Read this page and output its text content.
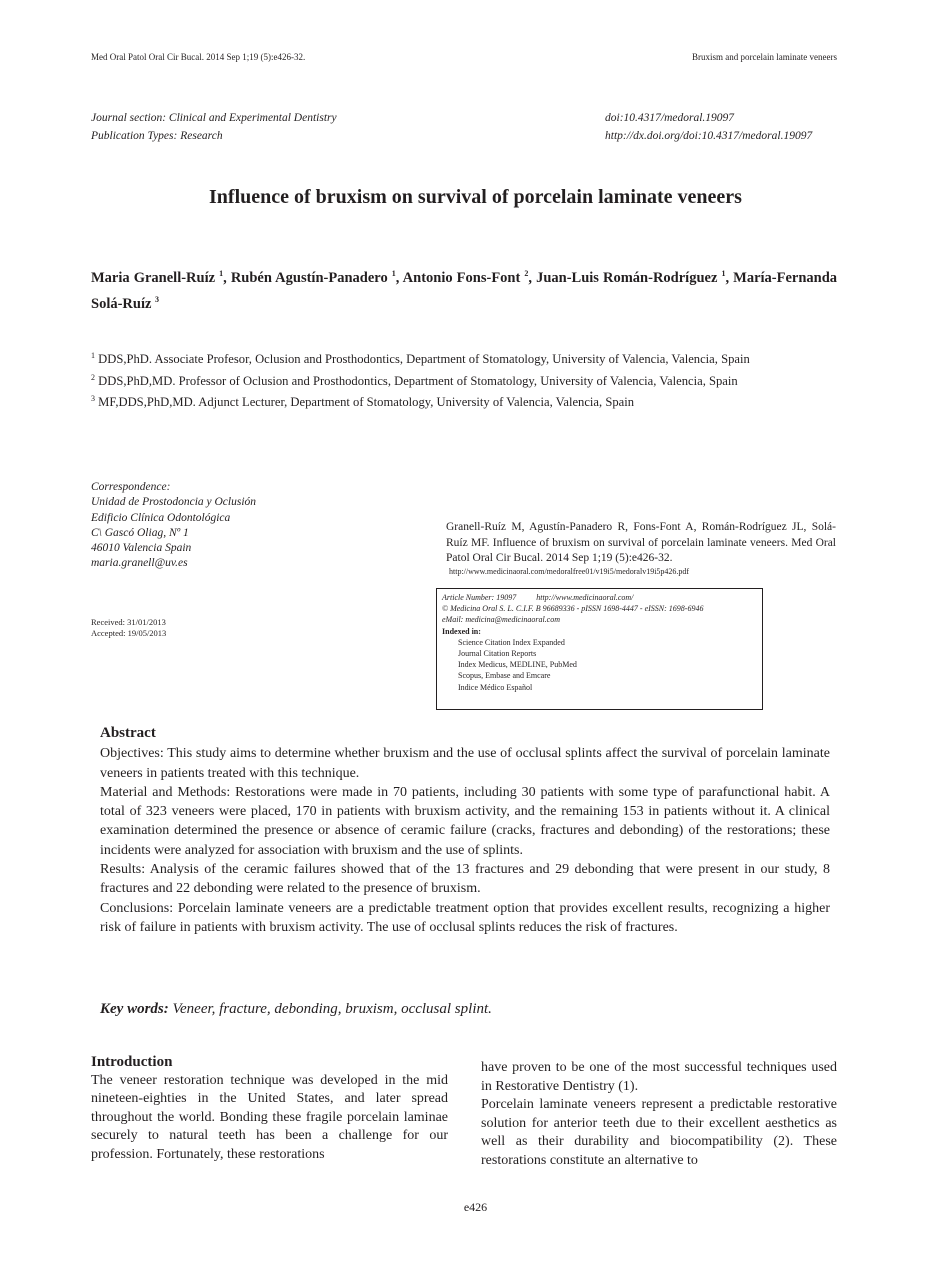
Med Oral Patol Oral Cir Bucal. 2014 Sep 1;19 (5):e426-32.	Bruxism and porcelain laminate veneers
Journal section: Clinical and Experimental Dentistry
Publication Types: Research
doi:10.4317/medoral.19097
http://dx.doi.org/doi:10.4317/medoral.19097
Influence of bruxism on survival of porcelain laminate veneers
Maria Granell-Ruíz $^1$, Rubén Agustín-Panadero $^1$, Antonio Fons-Font $^2$, Juan-Luis Román-Rodríguez $^1$, María-Fernanda Solá-Ruíz $^3$

$^1$ DDS,PhD. Associate Profesor, Oclusion and Prosthodontics, Department of Stomatology, University of Valencia, Valencia, Spain

$^2$ DDS,PhD,MD. Professor of Oclusion and Prosthodontics, Department of Stomatology, University of Valencia, Valencia, Spain

$^3$ MF,DDS,PhD,MD. Adjunct Lecturer, Department of Stomatology, University of Valencia, Valencia, Spain

Correspondence:
Unidad de Prostodoncia y Oclusión
Edificio Clínica Odontológica
C\ Gascó Oliag, Nº 1
46010 Valencia Spain
maria.granell@uv.es
Granell-Ruíz M, Agustín-Panadero R, Fons-Font A, Román-Rodríguez JL, Solá-Ruíz MF. Influence of bruxism on survival of porcelain laminate veneers. Med Oral Patol Oral Cir Bucal. 2014 Sep 1;19 (5):e426-32.
http://www.medicinaoral.com/medoralfree01/v19i5/medoralv19i5p426.pdf
Received: 31/01/2013
Accepted: 19/05/2013
Article Number: 19097	http://www.medicinaoral.com/
© Medicina Oral S. L. C.I.F. B 96689336 - pISSN 1698-4447 - eISSN: 1698-6946
eMail: medicina@medicinaoral.com
Indexed in:
Science Citation Index Expanded
Journal Citation Reports
Index Medicus, MEDLINE, PubMed
Scopus, Embase and Emcare
Indice Médico Español
Abstract

Objectives: This study aims to determine whether bruxism and the use of occlusal splints affect the survival of porcelain laminate veneers in patients treated with this technique.

Material and Methods: Restorations were made in 70 patients, including 30 patients with some type of parafunctional habit. A total of 323 veneers were placed, 170 in patients with bruxism activity, and the remaining 153 in patients without it. A clinical examination determined the presence or absence of ceramic failure (cracks, fractures and debonding) of the restorations; these incidents were analyzed for association with bruxism and the use of splints.

Results: Analysis of the ceramic failures showed that of the 13 fractures and 29 debonding that were present in our study, 8 fractures and 22 debonding were related to the presence of bruxism.

Conclusions: Porcelain laminate veneers are a predictable treatment option that provides excellent results, recognizing a higher risk of failure in patients with bruxism activity. The use of occlusal splints reduces the risk of fractures.

Key words: Veneer, fracture, debonding, bruxism, occlusal splint.
Introduction

The veneer restoration technique was developed in the mid nineteen-eighties in the United States, and later spread throughout the world. Bonding these fragile porcelain laminae securely to natural teeth has been a challenge for our profession. Fortunately, these restorations

have proven to be one of the most successful techniques used in Restorative Dentistry (1).

Porcelain laminate veneers represent a predictable restorative solution for anterior teeth due to their excellent aesthetics as well as their durability and biocompatibility (2). These restorations constitute an alternative to

e426
